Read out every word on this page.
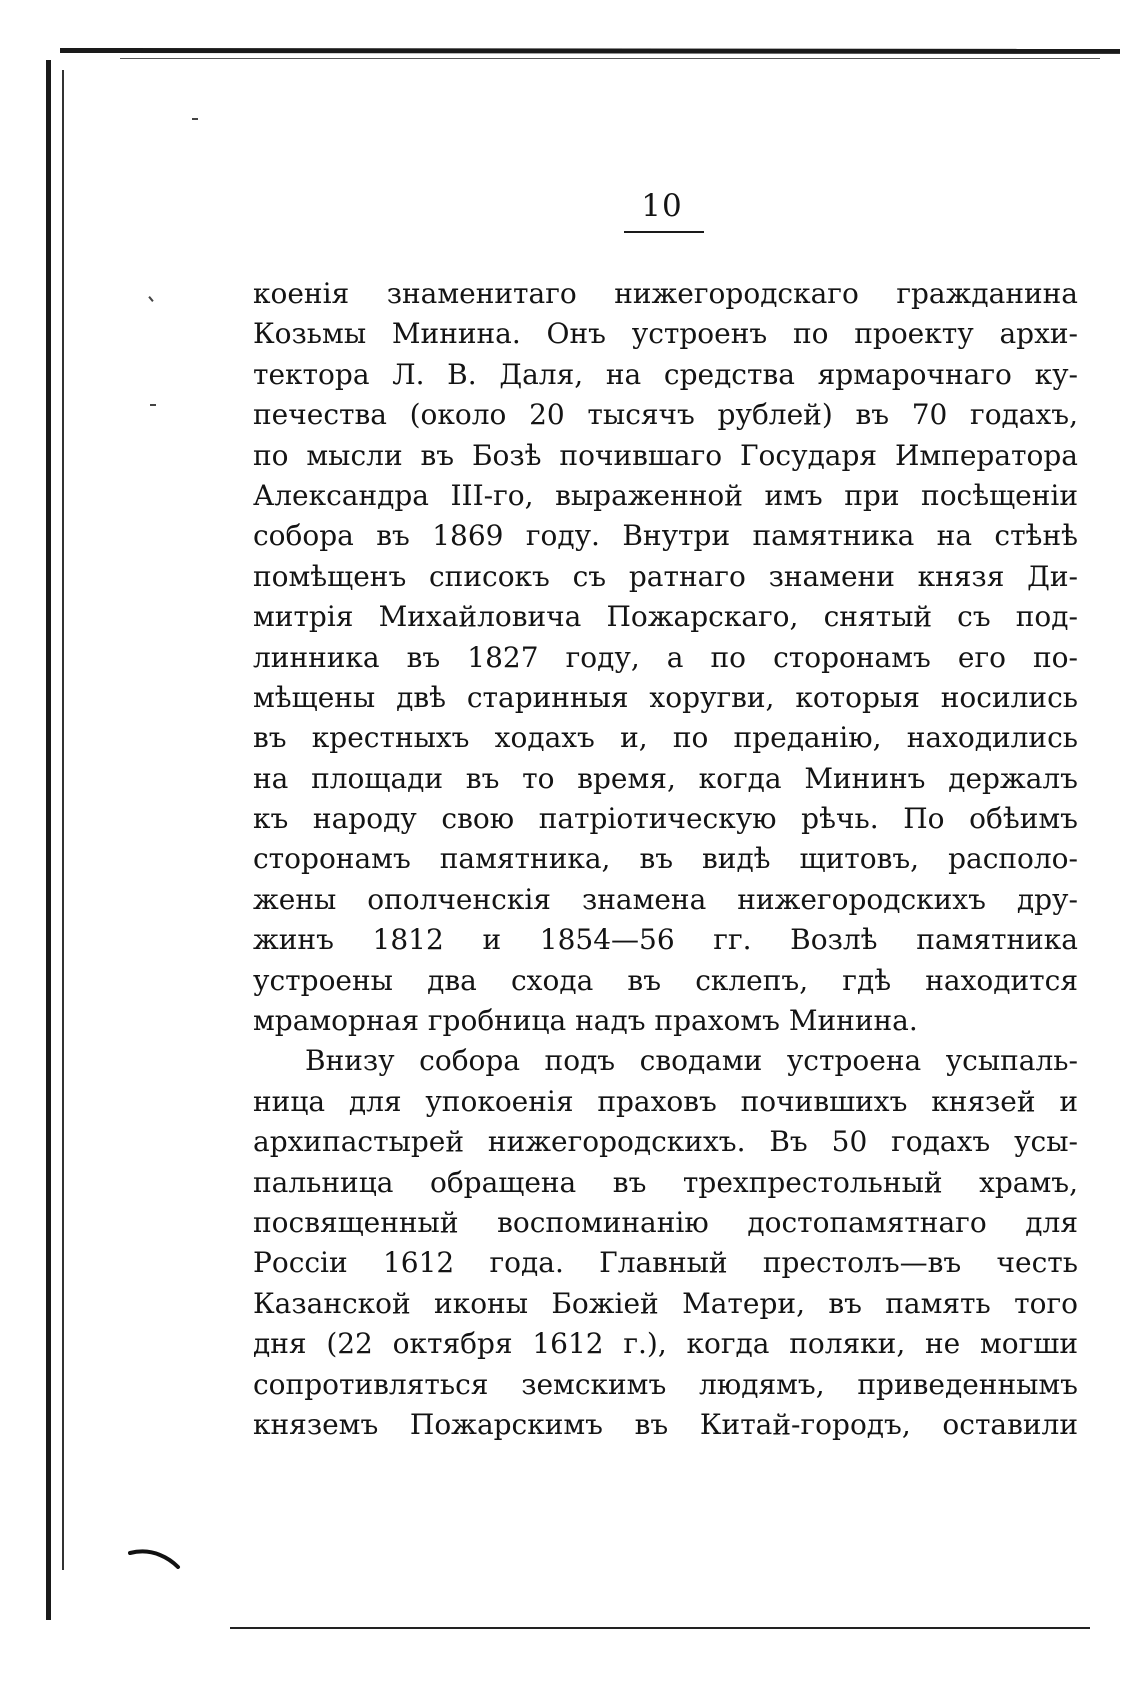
10
коенія знаменитаго нижегородскаго гражданина
Козьмы Минина. Онъ устроенъ по проекту архи-
тектора Л. В. Даля, на средства ярмарочнаго ку-
печества (около 20 тысячъ рублей) въ 70 годахъ,
по мысли въ Бозѣ почившаго Государя Императора
Александра III-го, выраженной имъ при посѣщеніи
собора въ 1869 году. Внутри памятника на стѣнѣ
помѣщенъ списокъ съ ратнаго знамени князя Ди-
митрія Михайловича Пожарскаго, снятый съ под-
линника въ 1827 году, а по сторонамъ его по-
мѣщены двѣ старинныя хоругви, которыя носились
въ крестныхъ ходахъ и, по преданію, находились
на площади въ то время, когда Мининъ держалъ
къ народу свою патріотическую рѣчь. По обѣимъ
сторонамъ памятника, въ видѣ щитовъ, располо-
жены ополченскія знамена нижегородскихъ дру-
жинъ 1812 и 1854—56 гг. Возлѣ памятника
устроены два схода въ склепъ, гдѣ находится
мраморная гробница надъ прахомъ Минина.
Внизу собора подъ сводами устроена усыпаль-
ница для упокоенія праховъ почившихъ князей и
архипастырей нижегородскихъ. Въ 50 годахъ усы-
пальница обращена въ трехпрестольный храмъ,
посвященный воспоминанію достопамятнаго для
Россіи 1612 года. Главный престолъ—въ честь
Казанской иконы Божіей Матери, въ память того
дня (22 октября 1612 г.), когда поляки, не могши
сопротивляться земскимъ людямъ, приведеннымъ
княземъ Пожарскимъ въ Китай-городъ, оставили
